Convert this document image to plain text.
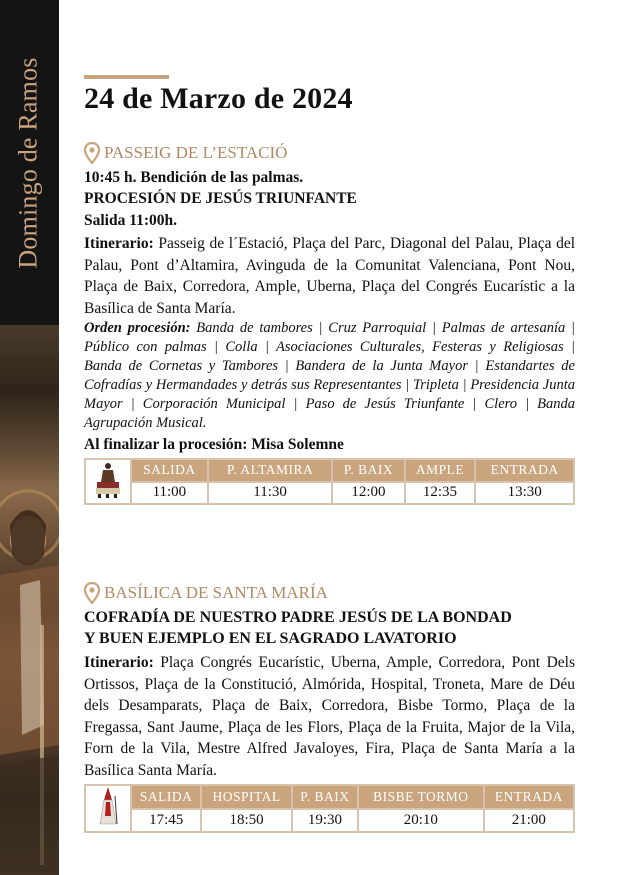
Domingo de Ramos 24 de Marzo de 2024
PASSEIG DE L’ESTACIÓ
10:45 h. Bendición de las palmas.
PROCESIÓN DE JESÚS TRIUNFANTE
Salida 11:00h.
Itinerario: Passeig de l´Estació, Plaça del Parc, Diagonal del Palau, Plaça del Palau, Pont d’Altamira, Avinguda de la Comunitat Valenciana, Pont Nou, Plaça de Baix, Corredora, Ample, Uberna, Plaça del Congrés Eucarístic a la Basílica de Santa María.
Orden procesión: Banda de tambores | Cruz Parroquial | Palmas de artesanía | Público con palmas | Colla | Asociaciones Culturales, Festeras y Religiosas | Banda de Cornetas y Tambores | Bandera de la Junta Mayor | Estandartes de Cofradías y Hermandades y detrás sus Representantes | Tripleta | Presidencia Junta Mayor | Corporación Municipal | Paso de Jesús Triunfante | Clero | Banda Agrupación Musical.
Al finalizar la procesión: Misa Solemne
	SALIDA	P. ALTAMIRA	P. BAIX	AMPLE	ENTRADA
	11:00	11:30	12:00	12:35	13:30
BASÍLICA DE SANTA MARÍA
COFRADÍA DE NUESTRO PADRE JESÚS DE LA BONDAD
Y BUEN EJEMPLO EN EL SAGRADO LAVATORIO
Itinerario: Plaça Congrés Eucarístic, Uberna, Ample, Corredora, Pont Dels Ortissos, Plaça de la Constitució, Almórida, Hospital, Troneta, Mare de Déu dels Desamparats, Plaça de Baix, Corredora, Bisbe Tormo, Plaça de la Fregassa, Sant Jaume, Plaça de les Flors, Plaça de la Fruita, Major de la Vila, Forn de la Vila, Mestre Alfred Javaloyes, Fira, Plaça de Santa María a la Basílica Santa María.
	SALIDA	HOSPITAL	P. BAIX	BISBE TORMO	ENTRADA
	17:45	18:50	19:30	20:10	21:00
